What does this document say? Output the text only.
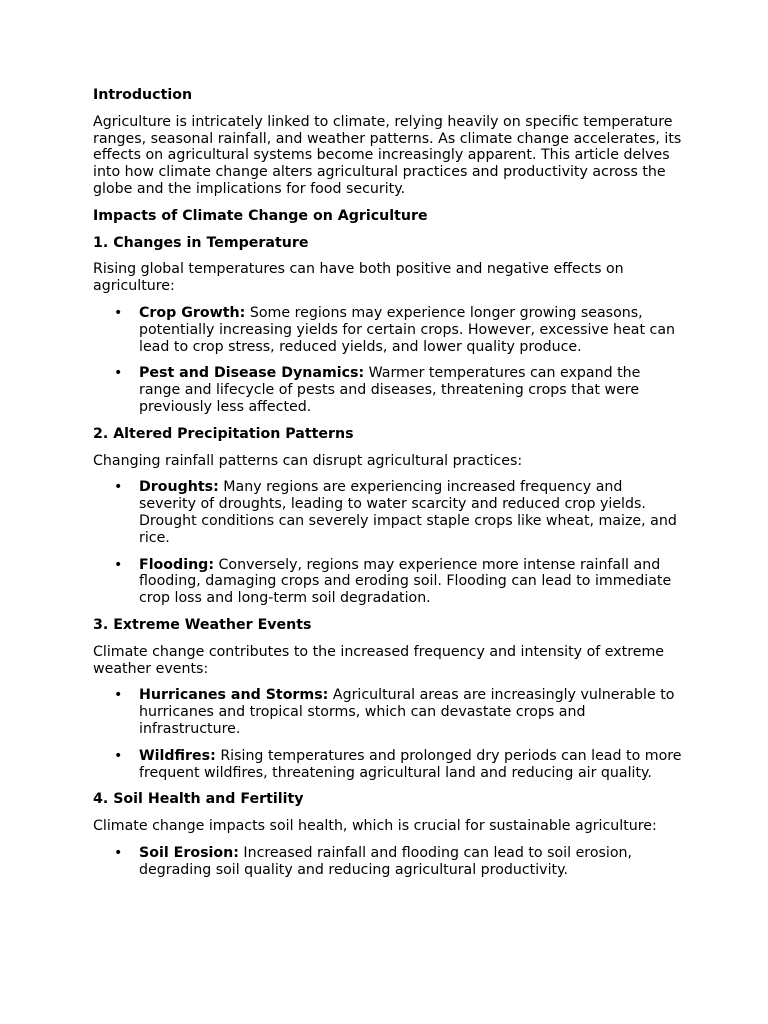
Introduction

Agriculture is intricately linked to climate, relying heavily on specific temperature ranges, seasonal rainfall, and weather patterns. As climate change accelerates, its effects on agricultural systems become increasingly apparent. This article delves into how climate change alters agricultural practices and productivity across the globe and the implications for food security.

Impacts of Climate Change on Agriculture
1. Changes in Temperature

Rising global temperatures can have both positive and negative effects on agriculture:

• Crop Growth: Some regions may experience longer growing seasons, potentially increasing yields for certain crops. However, excessive heat can lead to crop stress, reduced yields, and lower quality produce.
• Pest and Disease Dynamics: Warmer temperatures can expand the range and lifecycle of pests and diseases, threatening crops that were previously less affected.
2. Altered Precipitation Patterns

Changing rainfall patterns can disrupt agricultural practices:

• Droughts: Many regions are experiencing increased frequency and severity of droughts, leading to water scarcity and reduced crop yields. Drought conditions can severely impact staple crops like wheat, maize, and rice.
• Flooding: Conversely, regions may experience more intense rainfall and flooding, damaging crops and eroding soil. Flooding can lead to immediate crop loss and long-term soil degradation.
3. Extreme Weather Events

Climate change contributes to the increased frequency and intensity of extreme weather events:

• Hurricanes and Storms: Agricultural areas are increasingly vulnerable to hurricanes and tropical storms, which can devastate crops and infrastructure.
• Wildfires: Rising temperatures and prolonged dry periods can lead to more frequent wildfires, threatening agricultural land and reducing air quality.
4. Soil Health and Fertility

Climate change impacts soil health, which is crucial for sustainable agriculture:

• Soil Erosion: Increased rainfall and flooding can lead to soil erosion, degrading soil quality and reducing agricultural productivity.
